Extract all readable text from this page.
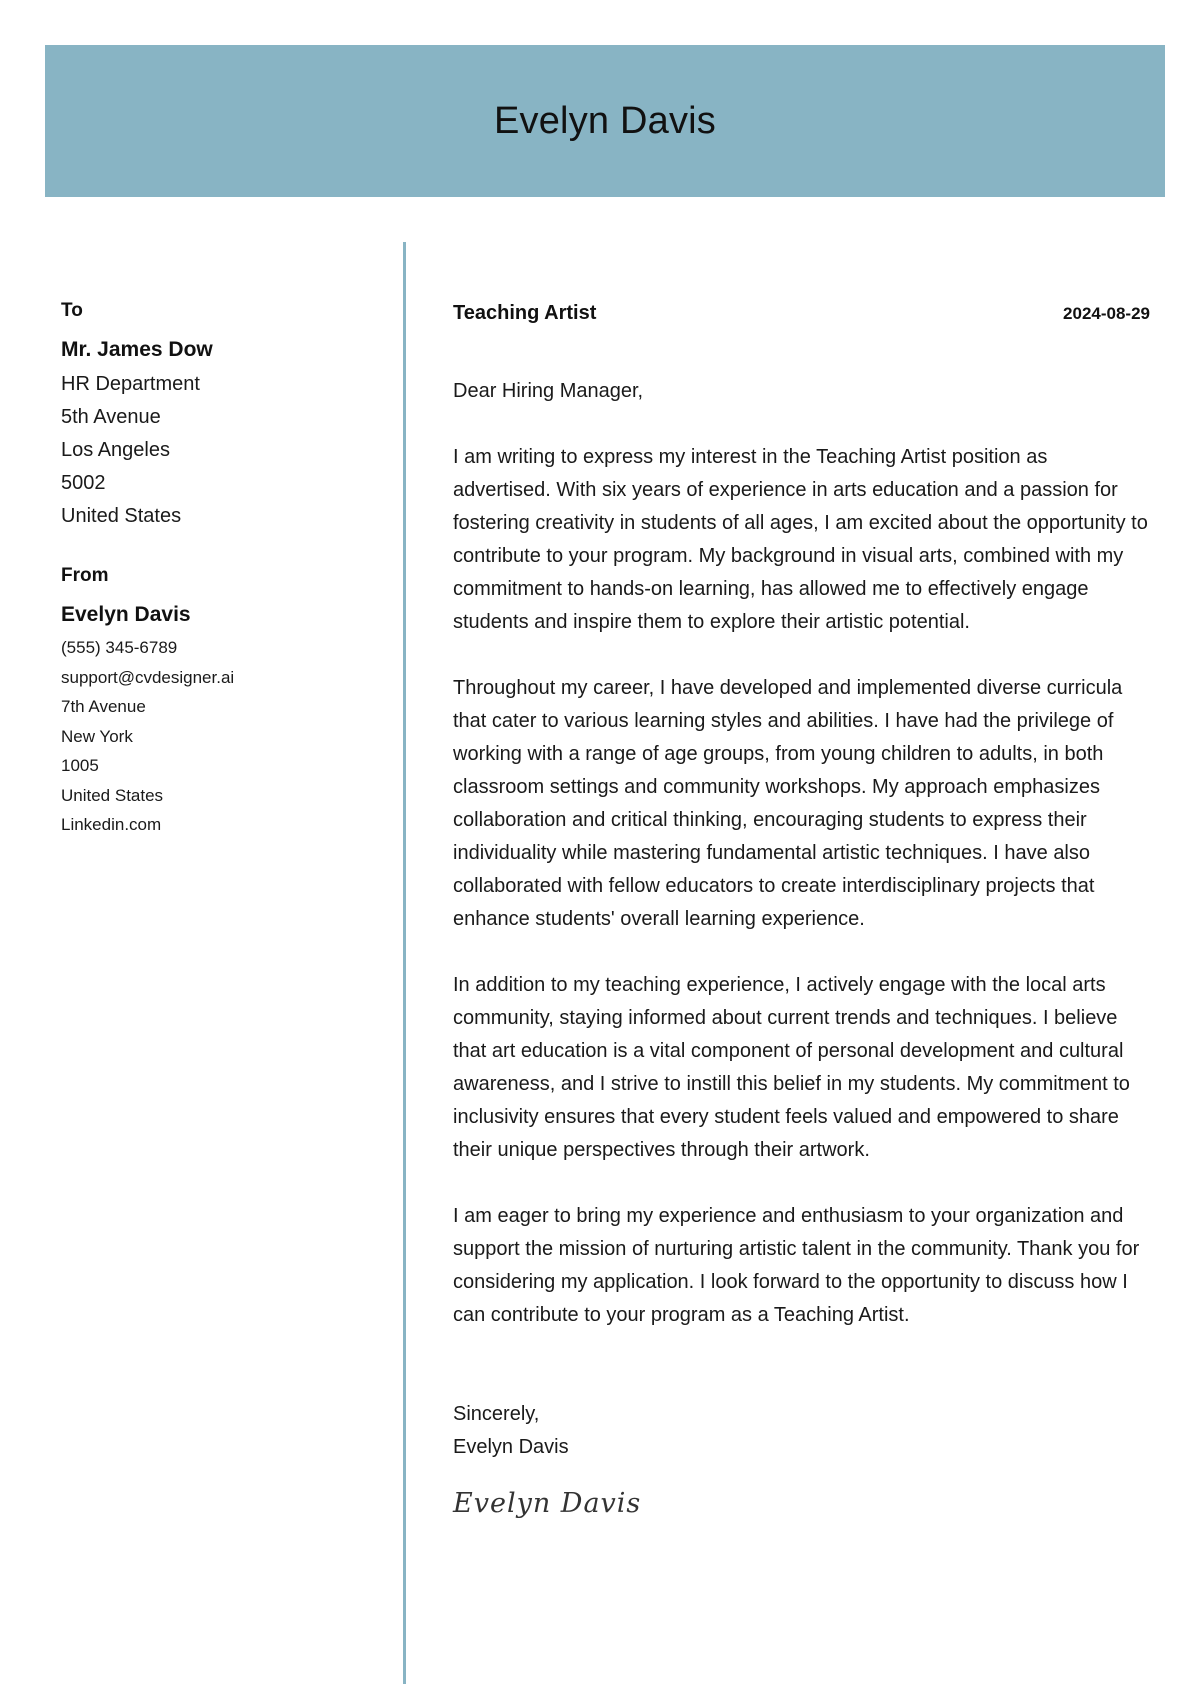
Evelyn Davis
To
Mr. James Dow
HR Department
5th Avenue
Los Angeles
5002
United States
From
Evelyn Davis
(555) 345-6789
support@cvdesigner.ai
7th Avenue
New York
1005
United States
Linkedin.com
Teaching Artist	2024-08-29
Dear Hiring Manager,
I am writing to express my interest in the Teaching Artist position as advertised. With six years of experience in arts education and a passion for fostering creativity in students of all ages, I am excited about the opportunity to contribute to your program. My background in visual arts, combined with my commitment to hands-on learning, has allowed me to effectively engage students and inspire them to explore their artistic potential.
Throughout my career, I have developed and implemented diverse curricula that cater to various learning styles and abilities. I have had the privilege of working with a range of age groups, from young children to adults, in both classroom settings and community workshops. My approach emphasizes collaboration and critical thinking, encouraging students to express their individuality while mastering fundamental artistic techniques. I have also collaborated with fellow educators to create interdisciplinary projects that enhance students' overall learning experience.
In addition to my teaching experience, I actively engage with the local arts community, staying informed about current trends and techniques. I believe that art education is a vital component of personal development and cultural awareness, and I strive to instill this belief in my students. My commitment to inclusivity ensures that every student feels valued and empowered to share their unique perspectives through their artwork.
I am eager to bring my experience and enthusiasm to your organization and support the mission of nurturing artistic talent in the community. Thank you for considering my application. I look forward to the opportunity to discuss how I can contribute to your program as a Teaching Artist.
Sincerely,
Evelyn Davis
Evelyn Davis
